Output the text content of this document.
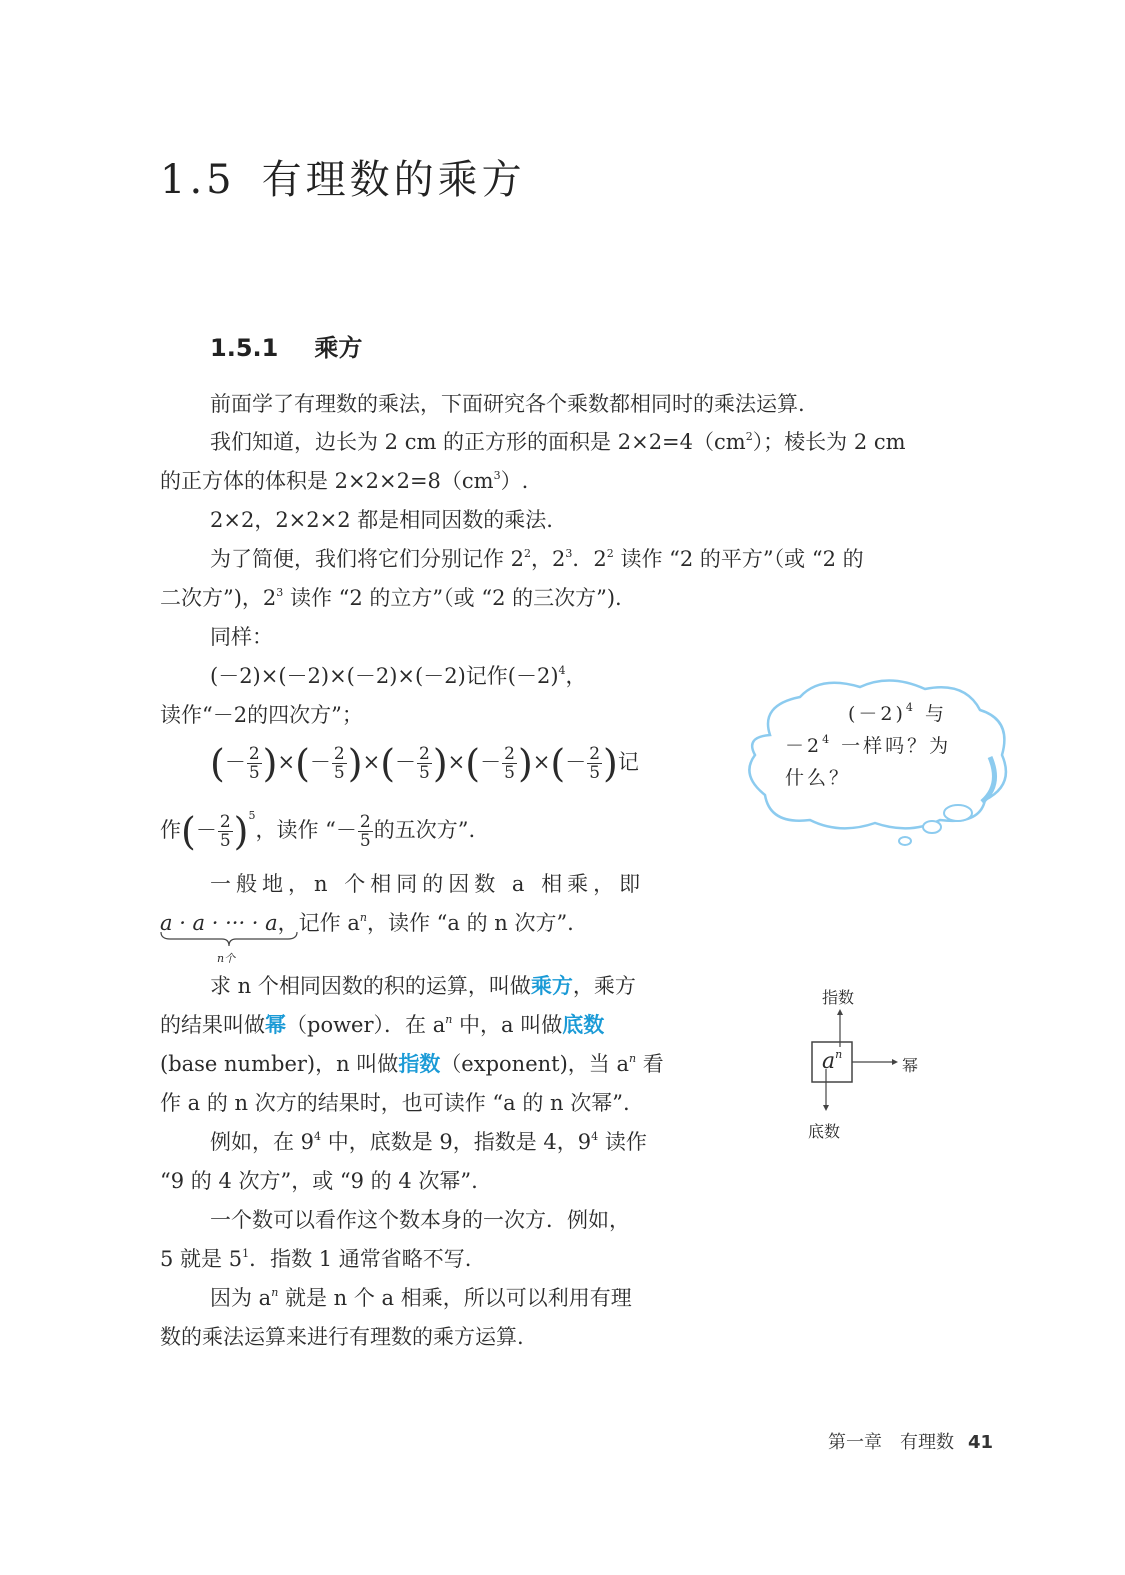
1.5 有理数的乘方
1.5.1 乘方
前面学了有理数的乘法，下面研究各个乘数都相同时的乘法运算.
我们知道，边长为 2 cm 的正方形的面积是 $2\times 2=4(cm^2)$；棱长为 2 cm
的正方体的体积是 $2\times 2\times 2=8(cm^3)$.
2×2，2×2×2 都是相同因数的乘法.
为了简便，我们将它们分别记作 $2^2$，$2^3$．$2^2$ 读作 “2 的平方”（或 “2 的
二次方”)，$2^3$ 读作 “2 的立方”（或 “2 的三次方”).
同样：
(－2)×(－2)×(－2)×(－2)记作$(-2)^4$，
读作“－2的四次方”；
(－ $\frac{2}{5}$ )×(－ $\frac{2}{5}$ )×(－ $\frac{2}{5}$ )×(－ $\frac{2}{5}$ )×(－ $\frac{2}{5}$ )记
作(－ $\frac{2}{5} )^5$，读作 “－ $\frac{2}{5}$ 的五次方”.
一般地，n 个相同的因数 a 相乘，即
a · a · ··· · a
n个
，记作 $a^n$，读作 “a 的 n 次方”.
求 n 个相同因数的积的运算，叫做乘方，乘方
的结果叫做幂（power）．在 $a^n$ 中，a 叫做底数
(base number)，n 叫做指数（exponent)，当 $a^n$ 看
作 a 的 n 次方的结果时，也可读作 “a 的 n 次幂”.
例如，在 $9^4$ 中，底数是 9，指数是 4，$9^4$ 读作
“9 的 4 次方”，或 “9 的 4 次幂”.
一个数可以看作这个数本身的一次方．例如，
5 就是 $5^1$．指数 1 通常省略不写.
因为 $a^n$ 就是 n 个 a 相乘，所以可以利用有理
数的乘法运算来进行有理数的乘方运算.
$(-2)^4$ 与
$-2^4$ 一样吗？为
什么？
指数
$a^n$
幂
底数
第一章 有理数 41
